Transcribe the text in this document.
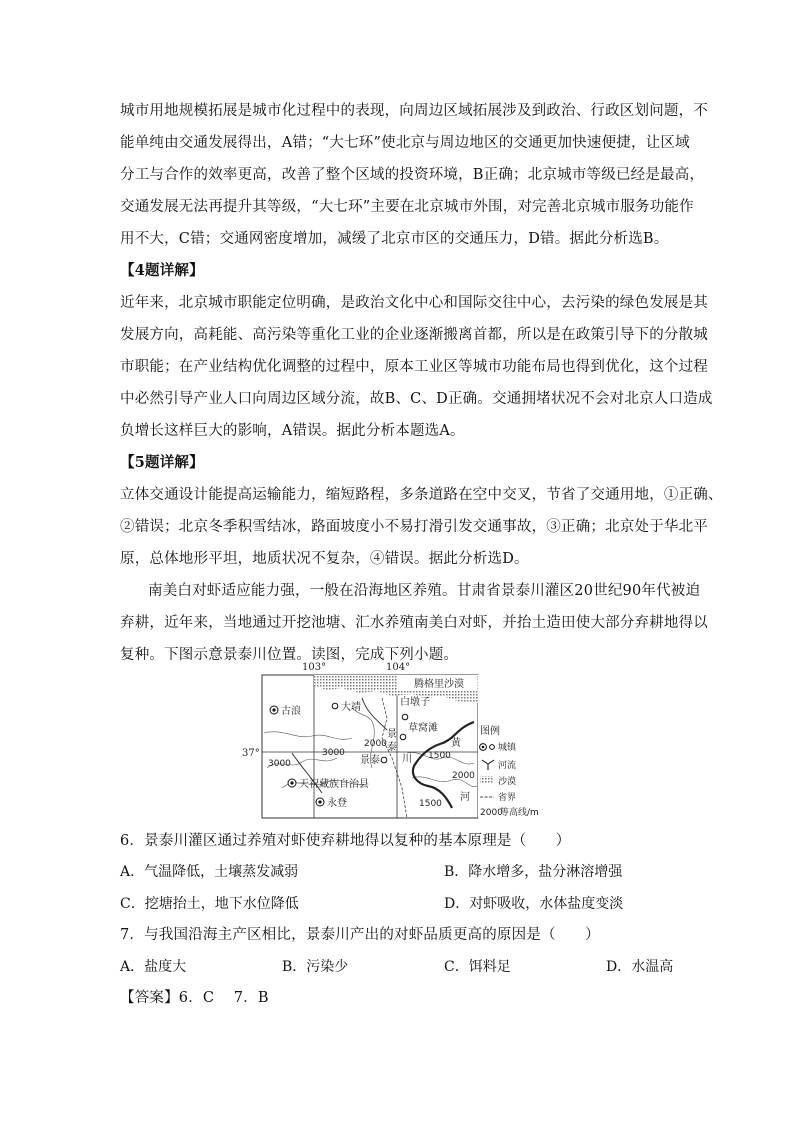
城市用地规模拓展是城市化过程中的表现，向周边区域拓展涉及到政治、行政区划问题，不
能单纯由交通发展得出，A错；“大七环”使北京与周边地区的交通更加快速便捷，让区域
分工与合作的效率更高，改善了整个区域的投资环境，B正确；北京城市等级已经是最高，
交通发展无法再提升其等级，“大七环”主要在北京城市外围，对完善北京城市服务功能作
用不大，C错；交通网密度增加，减缓了北京市区的交通压力，D错。据此分析选B。
【4题详解】
近年来，北京城市职能定位明确，是政治文化中心和国际交往中心，去污染的绿色发展是其
发展方向，高耗能、高污染等重化工业的企业逐渐搬离首都，所以是在政策引导下的分散城
市职能；在产业结构优化调整的过程中，原本工业区等城市功能布局也得到优化，这个过程
中必然引导产业人口向周边区域分流，故B、C、D正确。交通拥堵状况不会对北京人口造成
负增长这样巨大的影响，A错误。据此分析本题选A。
【5题详解】
立体交通设计能提高运输能力，缩短路程，多条道路在空中交叉，节省了交通用地，①正确、
②错误；北京冬季积雪结冰，路面坡度小不易打滑引发交通事故，③正确；北京处于华北平
原，总体地形平坦，地质状况不复杂，④错误。据此分析选D。
南美白对虾适应能力强，一般在沿海地区养殖。甘肃省景泰川灌区20世纪90年代被迫
弃耕，近年来，当地通过开挖池塘、汇水养殖南美白对虾，并抬土造田使大部分弃耕地得以
复种。下图示意景泰川位置。读图，完成下列小题。
古浪	大靖	白墩子
草窝滩
景泰
天祝藏族自治县
永登
腾格里沙漠
景
泰
川
黄
河
3000
3000
2000
1500
2000
1500
103°	104°
37°
图例
城镇
河流
沙漠
省界
2000
等高线/m
6．景泰川灌区通过养殖对虾使弃耕地得以复种的基本原理是（　　）
A．气温降低，土壤蒸发减弱	B．降水增多，盐分淋溶增强
C．挖塘抬土，地下水位降低	D．对虾吸收，水体盐度变淡
7．与我国沿海主产区相比，景泰川产出的对虾品质更高的原因是（　　）
A．盐度大	B．污染少	C．饵料足	D．水温高
【答案】6．C　 7．B
